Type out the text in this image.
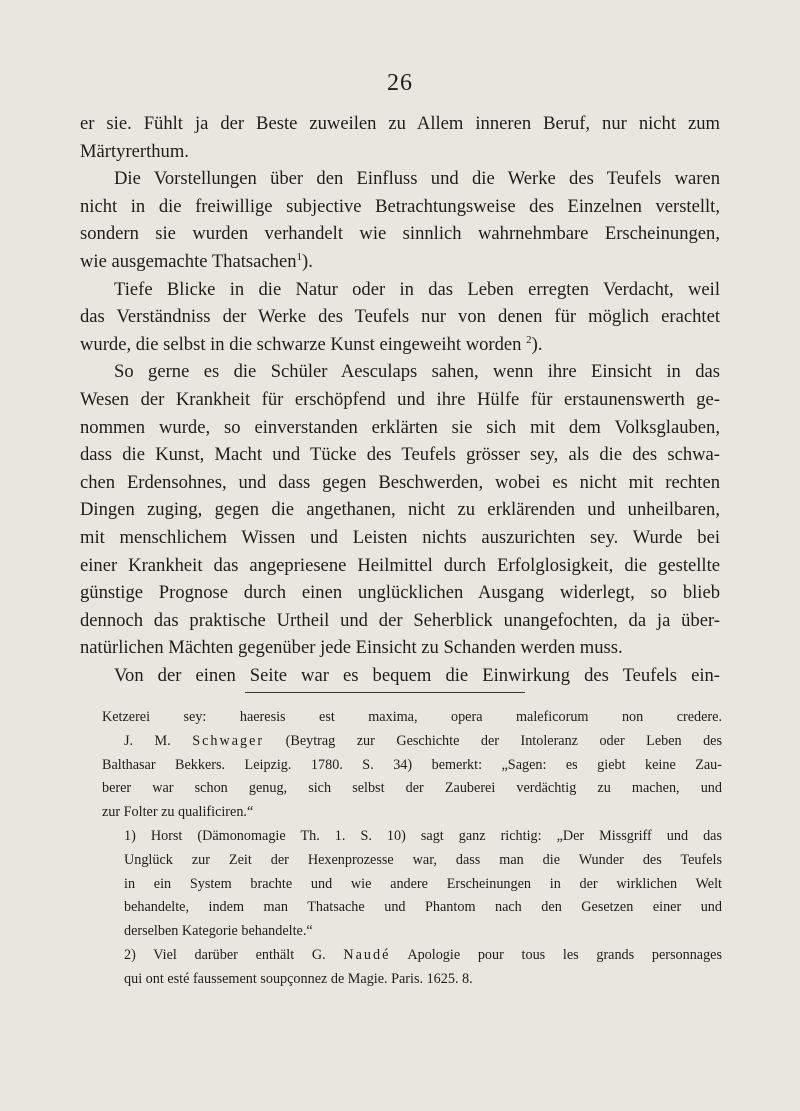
26
er sie. Fühlt ja der Beste zuweilen zu Allem inneren Beruf, nur nicht zum
Märtyrerthum.
Die Vorstellungen über den Einfluss und die Werke des Teufels waren
nicht in die freiwillige subjective Betrachtungsweise des Einzelnen verstellt,
sondern sie wurden verhandelt wie sinnlich wahrnehmbare Erscheinungen,
wie ausgemachte Thatsachen$^1$).
Tiefe Blicke in die Natur oder in das Leben erregten Verdacht, weil
das Verständniss der Werke des Teufels nur von denen für möglich erachtet
wurde, die selbst in die schwarze Kunst eingeweiht worden $^2$).
So gerne es die Schüler Aesculaps sahen, wenn ihre Einsicht in das
Wesen der Krankheit für erschöpfend und ihre Hülfe für erstaunenswerth ge-
nommen wurde, so einverstanden erklärten sie sich mit dem Volksglauben,
dass die Kunst, Macht und Tücke des Teufels grösser sey, als die des schwa-
chen Erdensohnes, und dass gegen Beschwerden, wobei es nicht mit rechten
Dingen zuging, gegen die angethanen, nicht zu erklärenden und unheilbaren,
mit menschlichem Wissen und Leisten nichts auszurichten sey. Wurde bei
einer Krankheit das angepriesene Heilmittel durch Erfolglosigkeit, die gestellte
günstige Prognose durch einen unglücklichen Ausgang widerlegt, so blieb
dennoch das praktische Urtheil und der Seherblick unangefochten, da ja über-
natürlichen Mächten gegenüber jede Einsicht zu Schanden werden muss.
Von der einen Seite war es bequem die Einwirkung des Teufels ein-
Ketzerei sey: haeresis est maxima, opera maleficorum non credere.
J. M. Schwager (Beytrag zur Geschichte der Intoleranz oder Leben des
Balthasar Bekkers. Leipzig. 1780. S. 34) bemerkt: „Sagen: es giebt keine Zau-
berer war schon genug, sich selbst der Zauberei verdächtig zu machen, und
zur Folter zu qualificiren.“
1) Horst (Dämonomagie Th. 1. S. 10) sagt ganz richtig: „Der Missgriff und das
Unglück zur Zeit der Hexenprozesse war, dass man die Wunder des Teufels
in ein System brachte und wie andere Erscheinungen in der wirklichen Welt
behandelte, indem man Thatsache und Phantom nach den Gesetzen einer und
derselben Kategorie behandelte.“
2) Viel darüber enthält G. Naudé Apologie pour tous les grands personnages
qui ont esté faussement soupçonnez de Magie. Paris. 1625. 8.
